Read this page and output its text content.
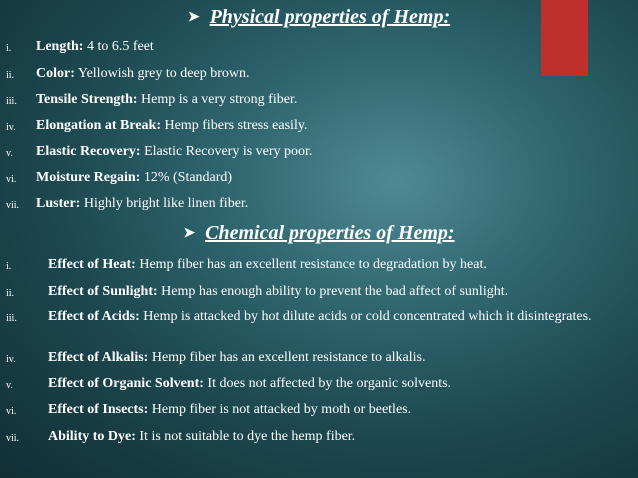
➤ Physical properties of Hemp:
i. Length: 4 to 6.5 feet
ii. Color: Yellowish grey to deep brown.
iii. Tensile Strength: Hemp is a very strong fiber.
iv. Elongation at Break: Hemp fibers stress easily.
v. Elastic Recovery: Elastic Recovery is very poor.
vi. Moisture Regain: 12% (Standard)
vii. Luster: Highly bright like linen fiber.
➤ Chemical properties of Hemp:
i.	Effect of Heat: Hemp fiber has an excellent resistance to degradation by heat.
ii. Effect of Sunlight: Hemp has enough ability to prevent the bad affect of sunlight.
iii. Effect of Acids: Hemp is attacked by hot dilute acids or cold concentrated which it disintegrates.
iv. Effect of Alkalis: Hemp fiber has an excellent resistance to alkalis.
v.	Effect of Organic Solvent: It does not affected by the organic solvents.
vi. Effect of Insects: Hemp fiber is not attacked by moth or beetles.
vii. Ability to Dye: It is not suitable to dye the hemp fiber.
